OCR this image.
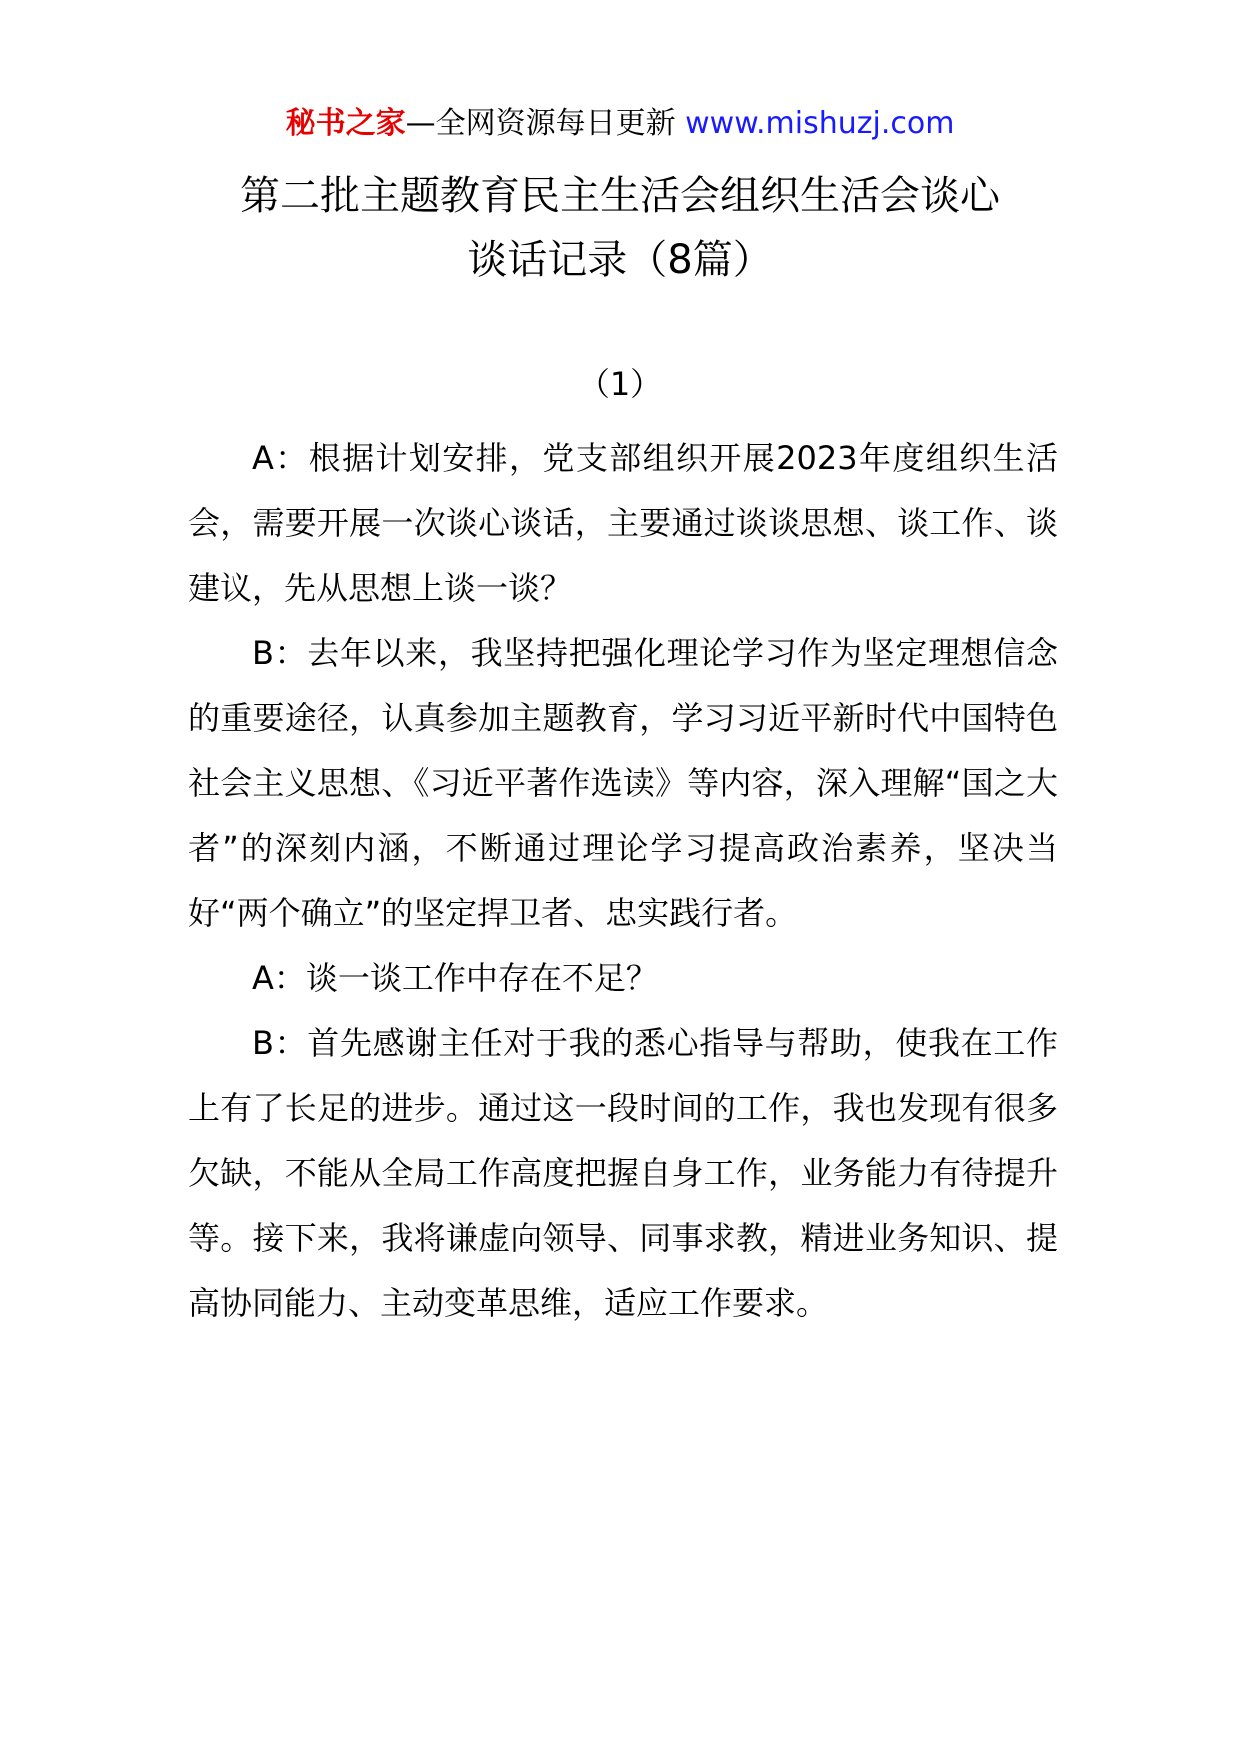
秘书之家—全网资源每日更新 www.mishuzj.com
第二批主题教育民主生活会组织生活会谈心
谈话记录（8篇）
（1）

A：根据计划安排，党支部组织开展2023年度组织生活会，需要开展一次谈心谈话，主要通过谈谈思想、谈工作、谈建议，先从思想上谈一谈？

B：去年以来，我坚持把强化理论学习作为坚定理想信念的重要途径，认真参加主题教育，学习习近平新时代中国特色社会主义思想、《习近平著作选读》等内容，深入理解“国之大者”的深刻内涵，不断通过理论学习提高政治素养，坚决当好“两个确立”的坚定捍卫者、忠实践行者。

A：谈一谈工作中存在不足？

B：首先感谢主任对于我的悉心指导与帮助，使我在工作上有了长足的进步。通过这一段时间的工作，我也发现有很多欠缺，不能从全局工作高度把握自身工作，业务能力有待提升等。接下来，我将谦虚向领导、同事求教，精进业务知识、提高协同能力、主动变革思维，适应工作要求。
